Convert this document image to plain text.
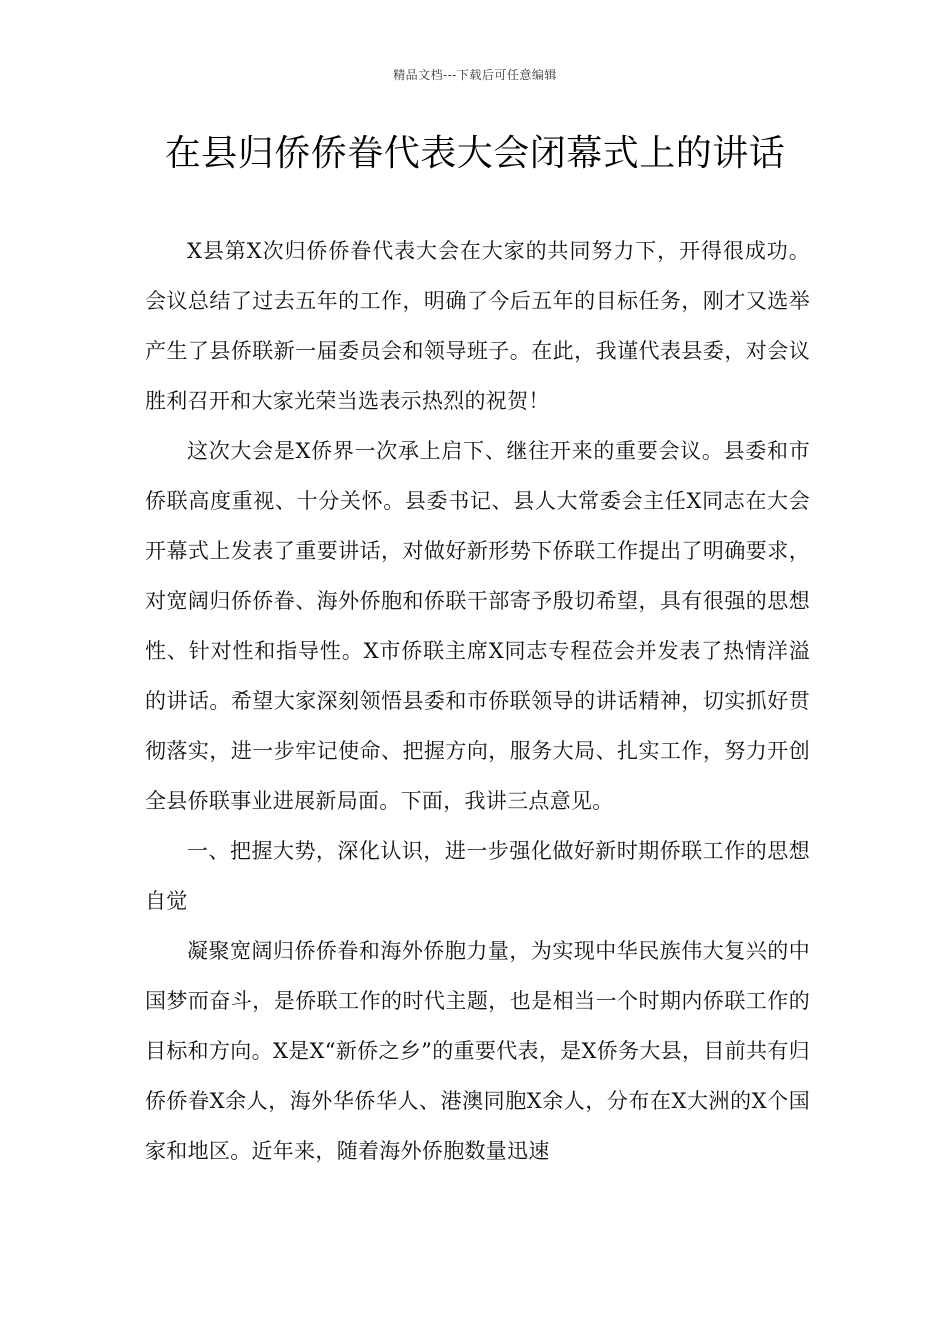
精品文档---下载后可任意编辑
在县归侨侨眷代表大会闭幕式上的讲话

X县第X次归侨侨眷代表大会在大家的共同努力下，开得很成功。会议总结了过去五年的工作，明确了今后五年的目标任务，刚才又选举产生了县侨联新一届委员会和领导班子。在此，我谨代表县委，对会议胜利召开和大家光荣当选表示热烈的祝贺！

这次大会是X侨界一次承上启下、继往开来的重要会议。县委和市侨联高度重视、十分关怀。县委书记、县人大常委会主任X同志在大会开幕式上发表了重要讲话，对做好新形势下侨联工作提出了明确要求，对宽阔归侨侨眷、海外侨胞和侨联干部寄予殷切希望，具有很强的思想性、针对性和指导性。X市侨联主席X同志专程莅会并发表了热情洋溢的讲话。希望大家深刻领悟县委和市侨联领导的讲话精神，切实抓好贯彻落实，进一步牢记使命、把握方向，服务大局、扎实工作，努力开创全县侨联事业进展新局面。下面，我讲三点意见。

一、把握大势，深化认识，进一步强化做好新时期侨联工作的思想自觉

凝聚宽阔归侨侨眷和海外侨胞力量，为实现中华民族伟大复兴的中国梦而奋斗，是侨联工作的时代主题，也是相当一个时期内侨联工作的目标和方向。X是X“新侨之乡”的重要代表，是X侨务大县，目前共有归侨侨眷X余人，海外华侨华人、港澳同胞X余人，分布在X大洲的X个国家和地区。近年来，随着海外侨胞数量迅速
